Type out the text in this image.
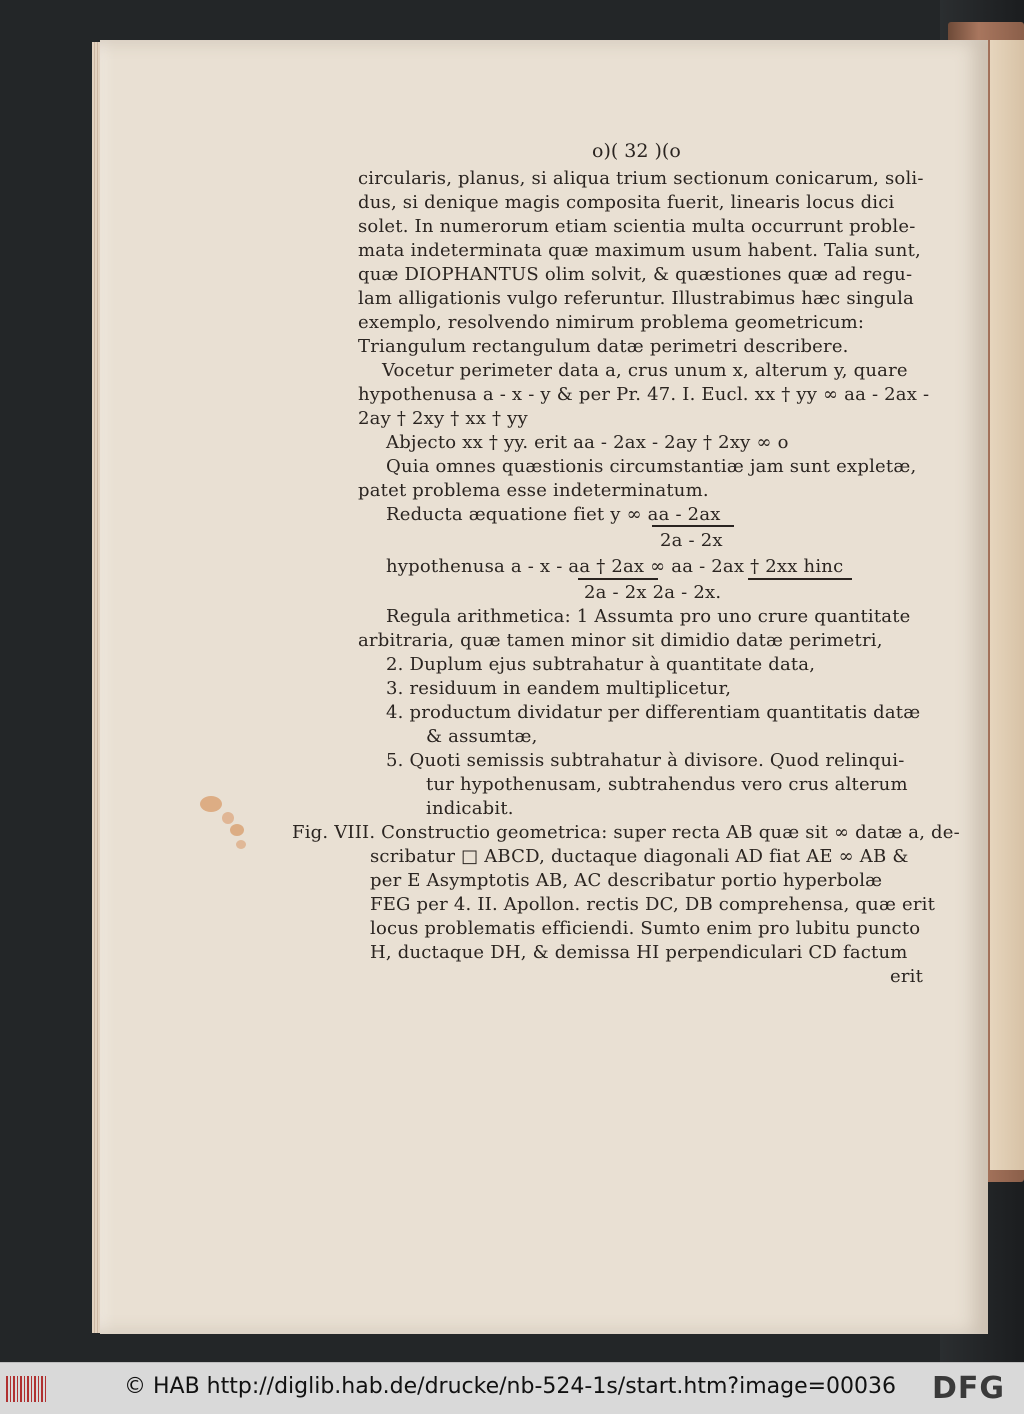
o)( 32 )(o
circularis, planus, si aliqua trium sectionum conicarum, soli-
dus, si denique magis composita fuerit, linearis locus dici
solet. In numerorum etiam scientia multa occurrunt proble-
mata indeterminata quæ maximum usum habent. Talia sunt,
quæ DIOPHANTUS olim solvit, & quæstiones quæ ad regu-
lam alligationis vulgo referuntur. Illustrabimus hæc singula
exemplo, resolvendo nimirum problema geometricum:
Triangulum rectangulum datæ perimetri describere.
Vocetur perimeter data a, crus unum x, alterum y, quare
hypothenusa a - x - y & per Pr. 47. I. Eucl. xx † yy ∞ aa - 2ax -
2ay † 2xy † xx † yy
Abjecto xx † yy. erit aa - 2ax - 2ay † 2xy ∞ o
Quia omnes quæstionis circumstantiæ jam sunt expletæ,
patet problema esse indeterminatum.
Reducta æquatione fiet y ∞ aa - 2ax
2a - 2x
hypothenusa a - x - aa † 2ax ∞ aa - 2ax † 2xx hinc
2a - 2x 2a - 2x.
Regula arithmetica: 1 Assumta pro uno crure quantitate
arbitraria, quæ tamen minor sit dimidio datæ perimetri,
2. Duplum ejus subtrahatur à quantitate data,
3. residuum in eandem multiplicetur,
4. productum dividatur per differentiam quantitatis datæ
& assumtæ,
5. Quoti semissis subtrahatur à divisore. Quod relinqui-
tur hypothenusam, subtrahendus vero crus alterum
indicabit.
Fig. VIII. Constructio geometrica: super recta AB quæ sit ∞ datæ a, de-
scribatur □ ABCD, ductaque diagonali AD fiat AE ∞ AB &
per E Asymptotis AB, AC describatur portio hyperbolæ
FEG per 4. II. Apollon. rectis DC, DB comprehensa, quæ erit
locus problematis efficiendi. Sumto enim pro lubitu puncto
H, ductaque DH, & demissa HI perpendiculari CD factum
erit
© HAB http://diglib.hab.de/drucke/nb-524-1s/start.htm?image=00036 DFG
